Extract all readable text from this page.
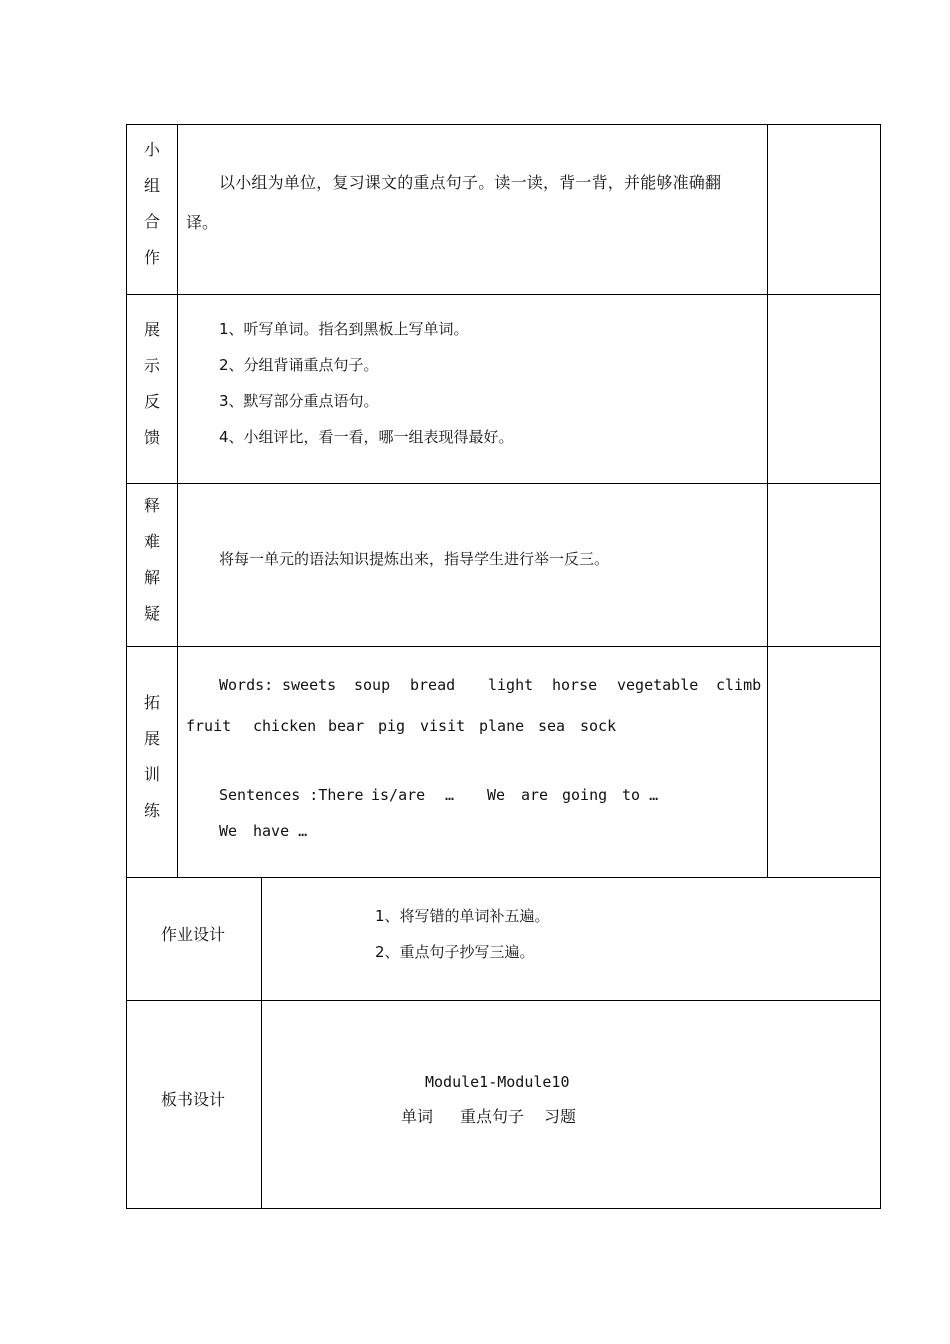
小
组
合
作
以小组为单位，复习课文的重点句子。读一读，背一背，并能够准确翻
译。
展
示
反
馈
1、听写单词。指名到黑板上写单词。
2、分组背诵重点句子。
3、默写部分重点语句。
4、小组评比，看一看，哪一组表现得最好。
释
难
解
疑
将每一单元的语法知识提炼出来，指导学生进行举一反三。
拓
展
训
练
Words: sweets soup bread light horse vegetable climb
fruit chicken bear pig visit plane sea sock
Sentences :There is/are … We are going to …
We have …
作业设计
1、将写错的单词补五遍。
2、重点句子抄写三遍。
板书设计
Module1-Module10
单词 重点句子 习题
